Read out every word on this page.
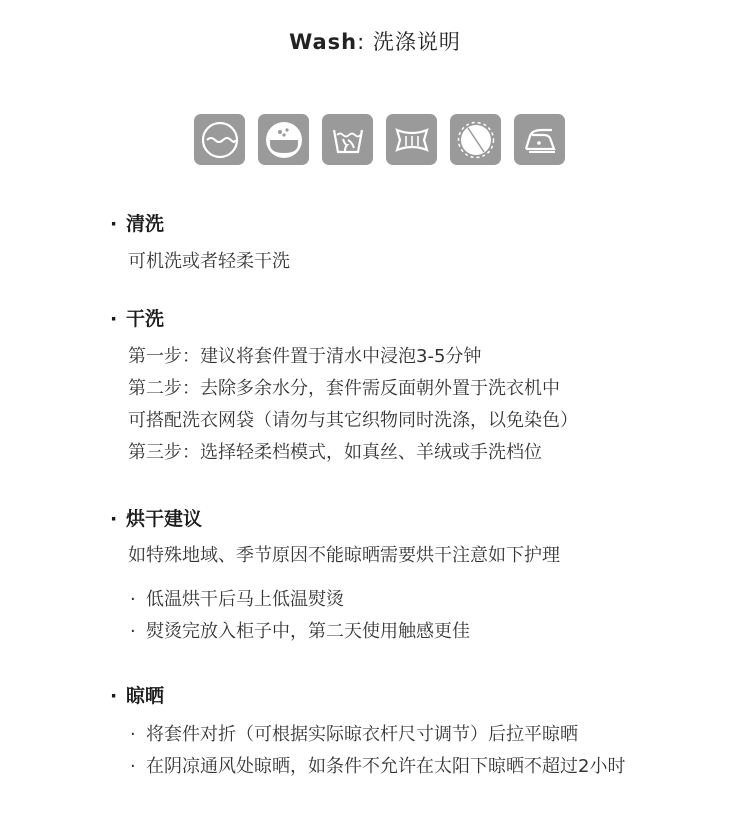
Wash: 洗涤说明
· 清洗
可机洗或者轻柔干洗
· 干洗
第一步：建议将套件置于清水中浸泡3-5分钟
第二步：去除多余水分，套件需反面朝外置于洗衣机中
可搭配洗衣网袋（请勿与其它织物同时洗涤，以免染色）
第三步：选择轻柔档模式，如真丝、羊绒或手洗档位
· 烘干建议
如特殊地域、季节原因不能晾晒需要烘干注意如下护理
· 低温烘干后马上低温熨烫
· 熨烫完放入柜子中，第二天使用触感更佳
· 晾晒
· 将套件对折（可根据实际晾衣杆尺寸调节）后拉平晾晒
· 在阴凉通风处晾晒，如条件不允许在太阳下晾晒不超过2小时
